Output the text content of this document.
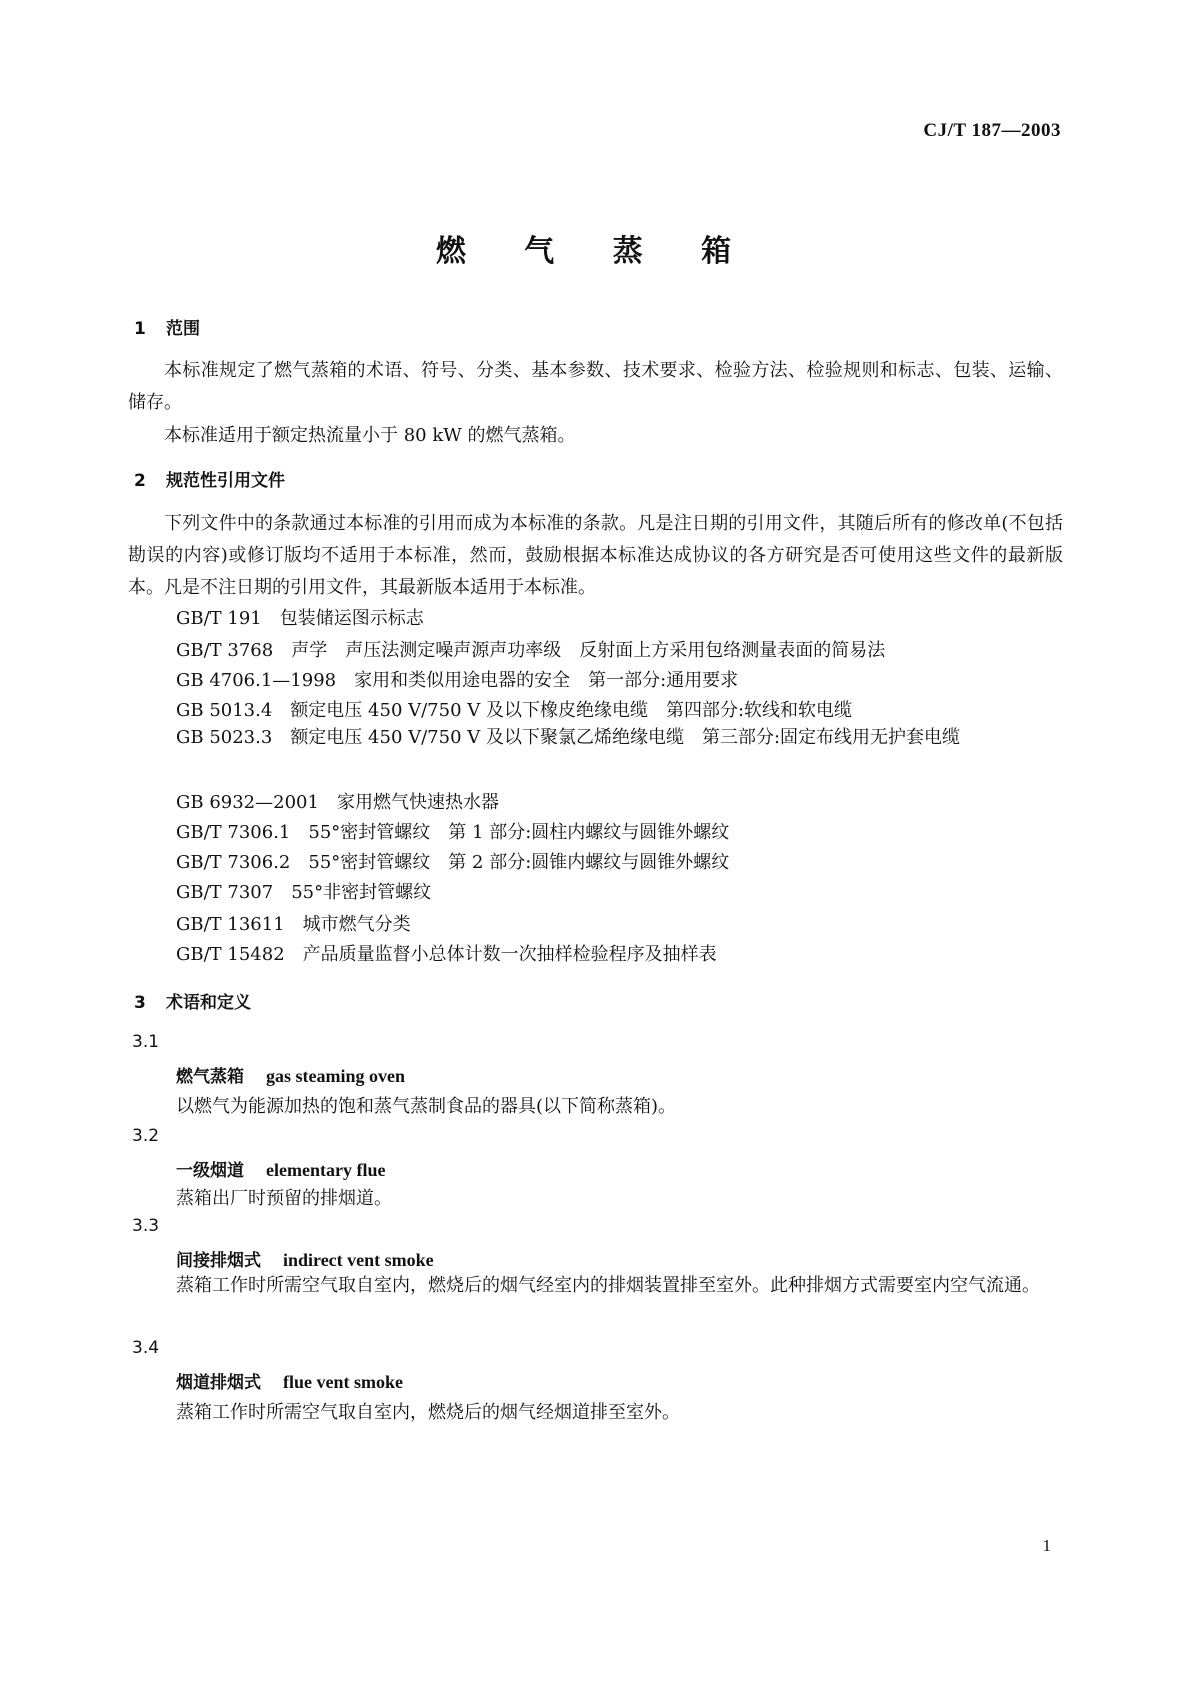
CJ/T 187—2003
燃 气 蒸 箱
1 范围
本标准规定了燃气蒸箱的术语、符号、分类、基本参数、技术要求、检验方法、检验规则和标志、包装、运输、储存。
本标准适用于额定热流量小于 80 kW 的燃气蒸箱。
2 规范性引用文件
下列文件中的条款通过本标准的引用而成为本标准的条款。凡是注日期的引用文件，其随后所有的修改单(不包括勘误的内容)或修订版均不适用于本标准，然而，鼓励根据本标准达成协议的各方研究是否可使用这些文件的最新版本。凡是不注日期的引用文件，其最新版本适用于本标准。
GB/T 191 包装储运图示标志
GB/T 3768 声学　声压法测定噪声源声功率级　反射面上方采用包络测量表面的简易法
GB 4706.1—1998 家用和类似用途电器的安全　第一部分:通用要求
GB 5013.4 额定电压 450 V/750 V 及以下橡皮绝缘电缆　第四部分:软线和软电缆
GB 5023.3 额定电压 450 V/750 V 及以下聚氯乙烯绝缘电缆　第三部分:固定布线用无护套电缆
GB 6932—2001 家用燃气快速热水器
GB/T 7306.1 55°密封管螺纹　第 1 部分:圆柱内螺纹与圆锥外螺纹
GB/T 7306.2 55°密封管螺纹　第 2 部分:圆锥内螺纹与圆锥外螺纹
GB/T 7307 55°非密封管螺纹
GB/T 13611 城市燃气分类
GB/T 15482 产品质量监督小总体计数一次抽样检验程序及抽样表
3 术语和定义
3.1
燃气蒸箱 gas steaming oven
以燃气为能源加热的饱和蒸气蒸制食品的器具(以下简称蒸箱)。
3.2
一级烟道 elementary flue
蒸箱出厂时预留的排烟道。
3.3
间接排烟式 indirect vent smoke
蒸箱工作时所需空气取自室内，燃烧后的烟气经室内的排烟装置排至室外。此种排烟方式需要室内空气流通。
3.4
烟道排烟式 flue vent smoke
蒸箱工作时所需空气取自室内，燃烧后的烟气经烟道排至室外。
1
